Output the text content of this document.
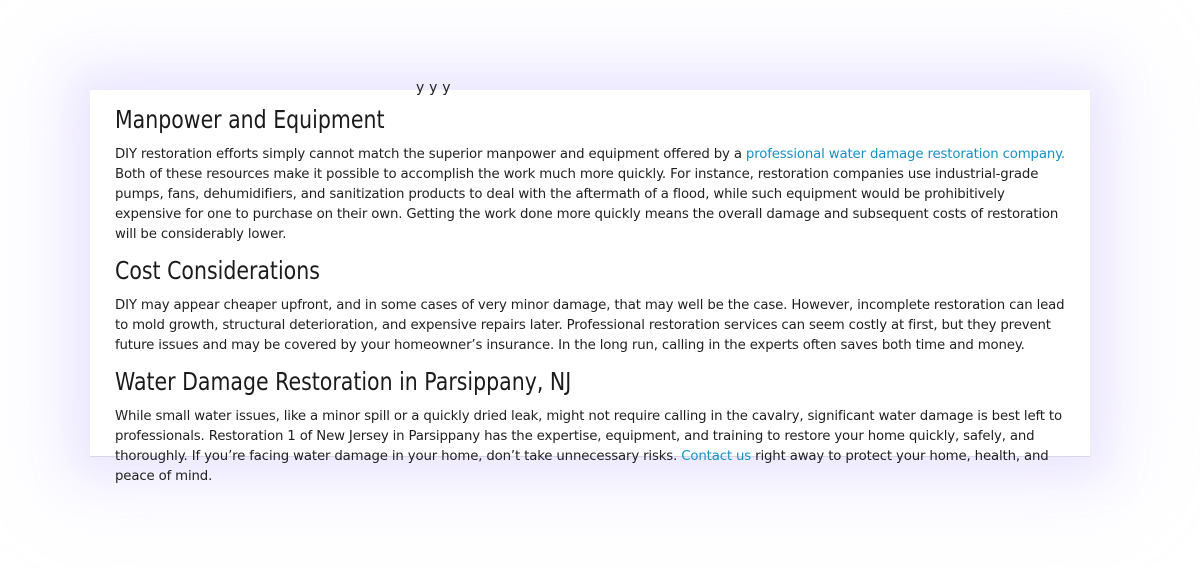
y y y
Manpower and Equipment

DIY restoration efforts simply cannot match the superior manpower and equipment offered by a professional water damage restoration company. Both of these resources make it possible to accomplish the work much more quickly. For instance, restoration companies use industrial-grade pumps, fans, dehumidifiers, and sanitization products to deal with the aftermath of a flood, while such equipment would be prohibitively expensive for one to purchase on their own. Getting the work done more quickly means the overall damage and subsequent costs of restoration will be considerably lower.

Cost Considerations

DIY may appear cheaper upfront, and in some cases of very minor damage, that may well be the case. However, incomplete restoration can lead to mold growth, structural deterioration, and expensive repairs later. Professional restoration services can seem costly at first, but they prevent future issues and may be covered by your homeowner’s insurance. In the long run, calling in the experts often saves both time and money.

Water Damage Restoration in Parsippany, NJ

While small water issues, like a minor spill or a quickly dried leak, might not require calling in the cavalry, significant water damage is best left to professionals. Restoration 1 of New Jersey in Parsippany has the expertise, equipment, and training to restore your home quickly, safely, and thoroughly. If you’re facing water damage in your home, don’t take unnecessary risks. Contact us right away to protect your home, health, and peace of mind.
